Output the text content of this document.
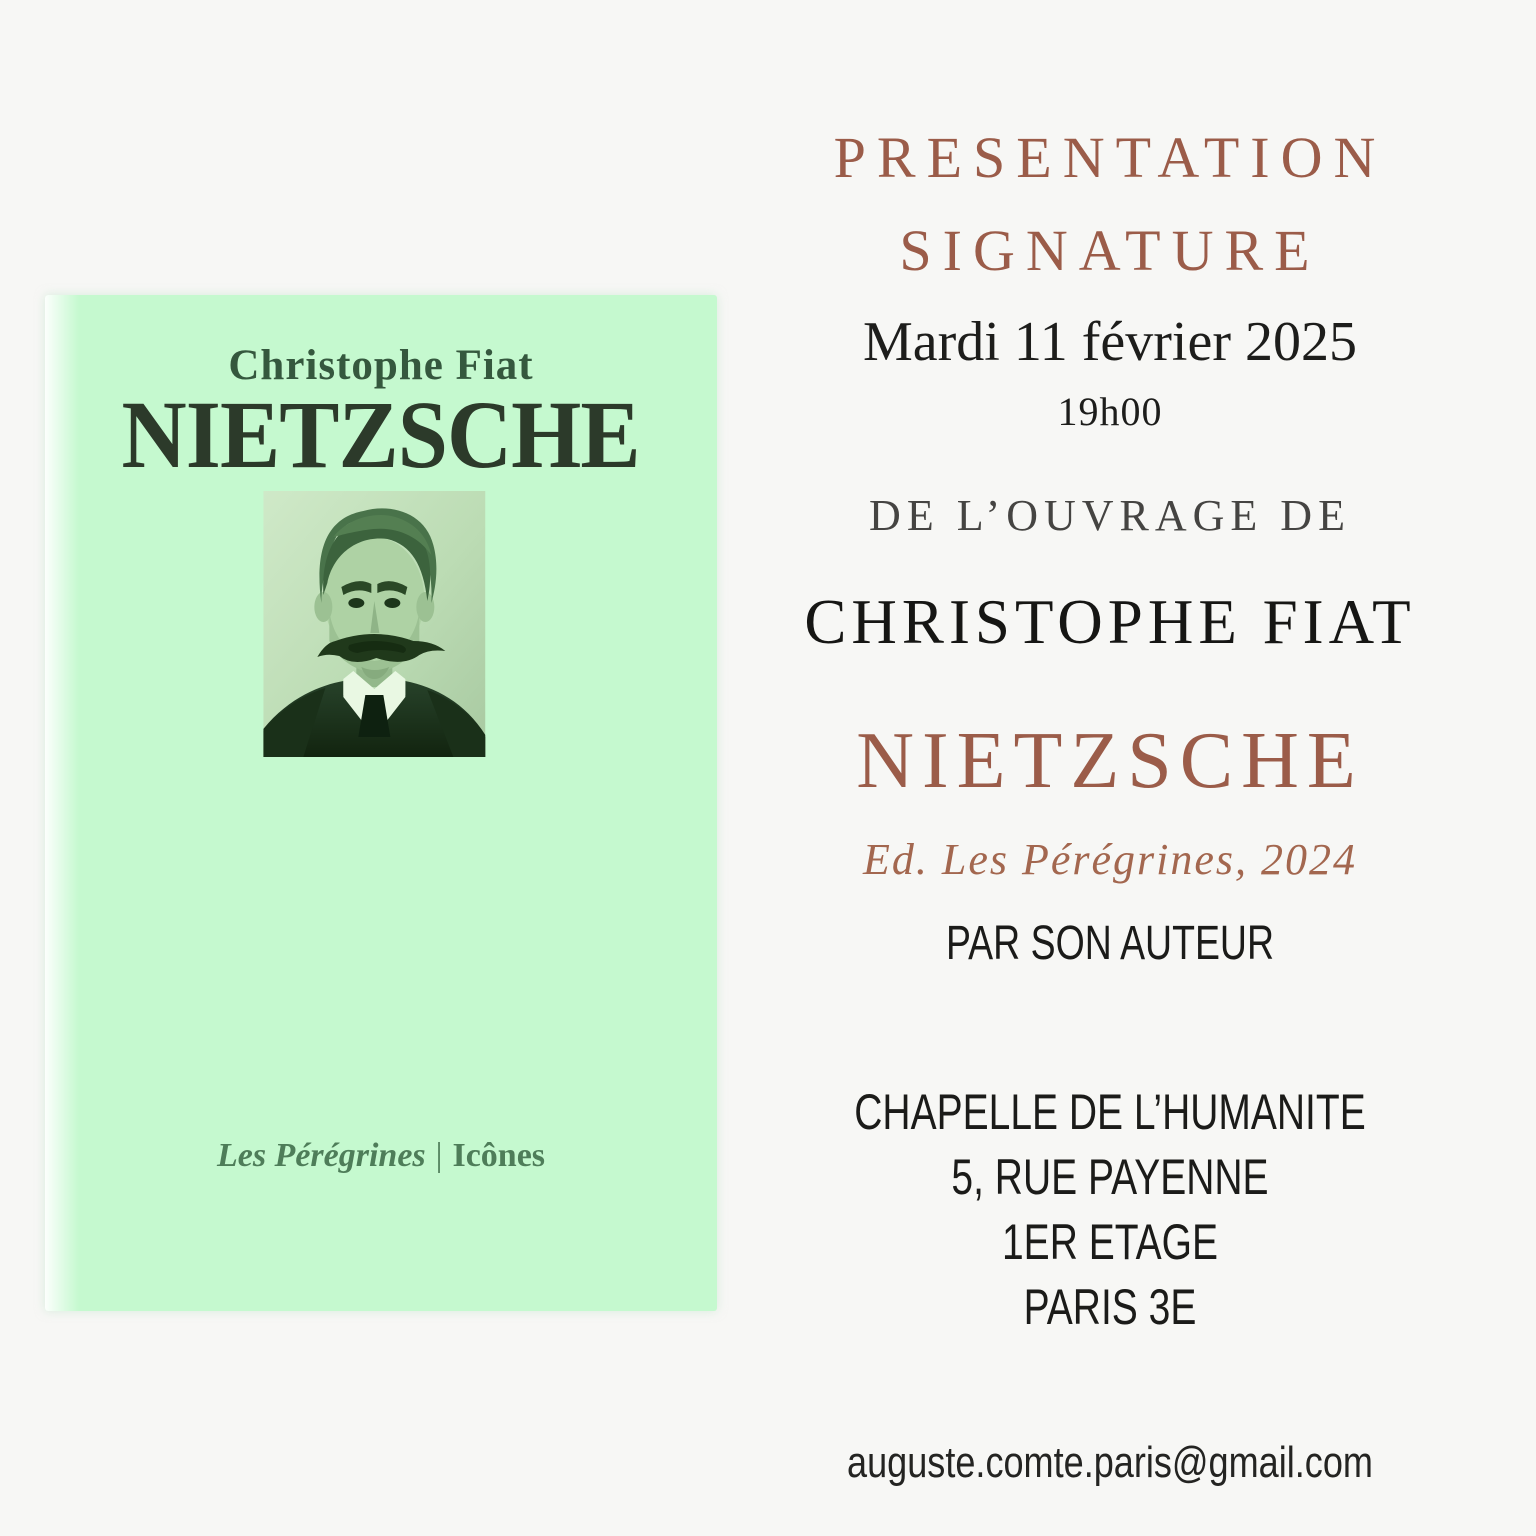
Christophe Fiat
NIETZSCHE
Les Pérégrines | Icônes
PRESENTATION
SIGNATURE
Mardi 11 février 2025
19h00
DE L’OUVRAGE DE
CHRISTOPHE FIAT
NIETZSCHE
Ed. Les Pérégrines, 2024
PAR SON AUTEUR
CHAPELLE DE L’HUMANITE
5, RUE PAYENNE
1ER ETAGE
PARIS 3E
auguste.comte.paris@gmail.com
